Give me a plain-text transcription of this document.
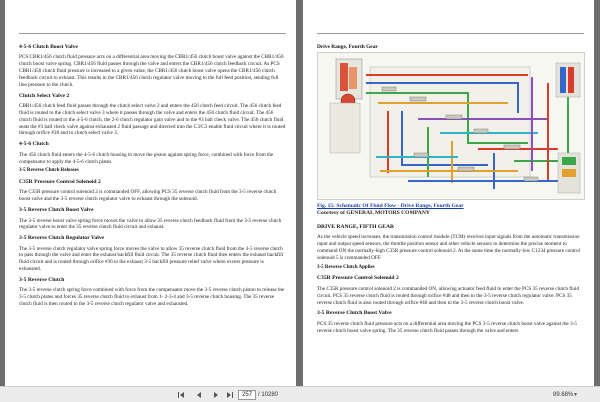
4-5-6 Clutch Boost Valve

PCS CBR1/456 clutch fluid pressure acts on a differential area moving the CBR1/456 clutch boost valve against the CBR1/456 clutch boost valve spring. CBR1/456 fluid passes through the valve and enters the CBR1/456 clutch feedback circuit. As PCS CBR1/456 clutch fluid pressure is increased to a given value, the CBR1/456 clutch boost valve opens the CBR1/456 clutch feedback circuit to exhaust. This results in the CBR1/456 clutch regulator valve moving to the full feed position, sending full line pressure to the clutch.

Clutch Select Valve 2

CBR1/456 clutch feed fluid passes through the clutch select valve 2 and enters the 456 clutch feed circuit. The 456 clutch feed fluid is routed to the clutch select valve 3 where it passes through the valve and enters the 456 clutch fluid circuit. The 456 clutch fluid is routed to the 4-5-6 clutch, the 2-6 clutch regulator gain valve and to the #3 ball check valve. The 456 clutch fluid seats the #3 ball check valve against exhausted 2 fluid passage and directed into the C3/C3 enable fluid circuit where it is routed through orifice #28 and to clutch select valve 3.

4-5-6 Clutch

The 456 clutch fluid enters the 4-5-6 clutch housing to move the piston against spring force, combined with force from the compensator to apply the 4-5-6 clutch plates.

3-5 Reverse Clutch Releases
C35R Pressure Control Solenoid 2

The C35R pressure control solenoid 2 is commanded OFF, allowing PCS 35 reverse clutch fluid from the 3-5 reverse clutch boost valve and the 3-5 reverse clutch regulator valve to exhaust through the solenoid.

3-5 Reverse Clutch Boost Valve

The 3-5 reverse boost valve spring force moves the valve to allow 35 reverse clutch feedback fluid from the 3-5 reverse clutch regulator valve to enter the 35 reverse clutch fluid circuit and exhaust.

3-5 Reverse Clutch Regulator Valve

The 3-5 reverse clutch regulator valve spring force moves the valve to allow 35 reverse clutch fluid from the 3-5 reverse clutch to pass through the valve and enter the exhaust backfill fluid circuit. The 35 reverse clutch fluid then enters the exhaust backfill fluid circuit and is routed through orifice #36 to the exhaust 3-5 backfill pressure relief valve where excess pressure is exhausted.

3-5 Reverse Clutch

The 3-5 reverse clutch spring force combined with force from the compensator move the 3-5 reverse clutch piston to release the 3-5 clutch plates and forces 35 reverse clutch fluid to exhaust from 1- 2-3-4 and 3-5 reverse clutch housing. The 35 reverse clutch fluid is then routed to the 3-5 reverse clutch regulator valve and exhausted.

Drive Range, Fourth Gear
Fig. 15: Schematic Of Fluid Flow - Drive Range, Fourth Gear
Courtesy of GENERAL MOTORS COMPANY
DRIVE RANGE, FIFTH GEAR

As the vehicle speed increases, the transmission control module (TCM) receives input signals from the automatic transmission input and output speed sensors, the throttle position sensor and other vehicle sensors to determine the precise moment to command ON the normally-high C35R pressure control solenoid 2. At the same time the normally-low C1234 pressure control solenoid 5 is commanded OFF.

3-5 Reverse Clutch Applies
C35R Pressure Control Solenoid 2

The C35R pressure control solenoid 2 is commanded ON, allowing actuator feed fluid to enter the PCS 35 reverse clutch fluid circuit. PCS 35 reverse clutch fluid is routed through orifice #48 and then to the 3-5 reverse clutch regulator valve. PCS 35 reverse clutch fluid is also routed through orifice #40 and then to the 3-5 reverse clutch boost valve.

3-5 Reverse Clutch Boost Valve

PCS 35 reverse clutch fluid pressure acts on a differential area moving the PCS 3-5 reverse clutch boost valve against the 3-5 reverse clutch boost valve spring. The 35 reverse clutch fluid passes through the valve and enters

257	/ 10280	89.68% ▼
